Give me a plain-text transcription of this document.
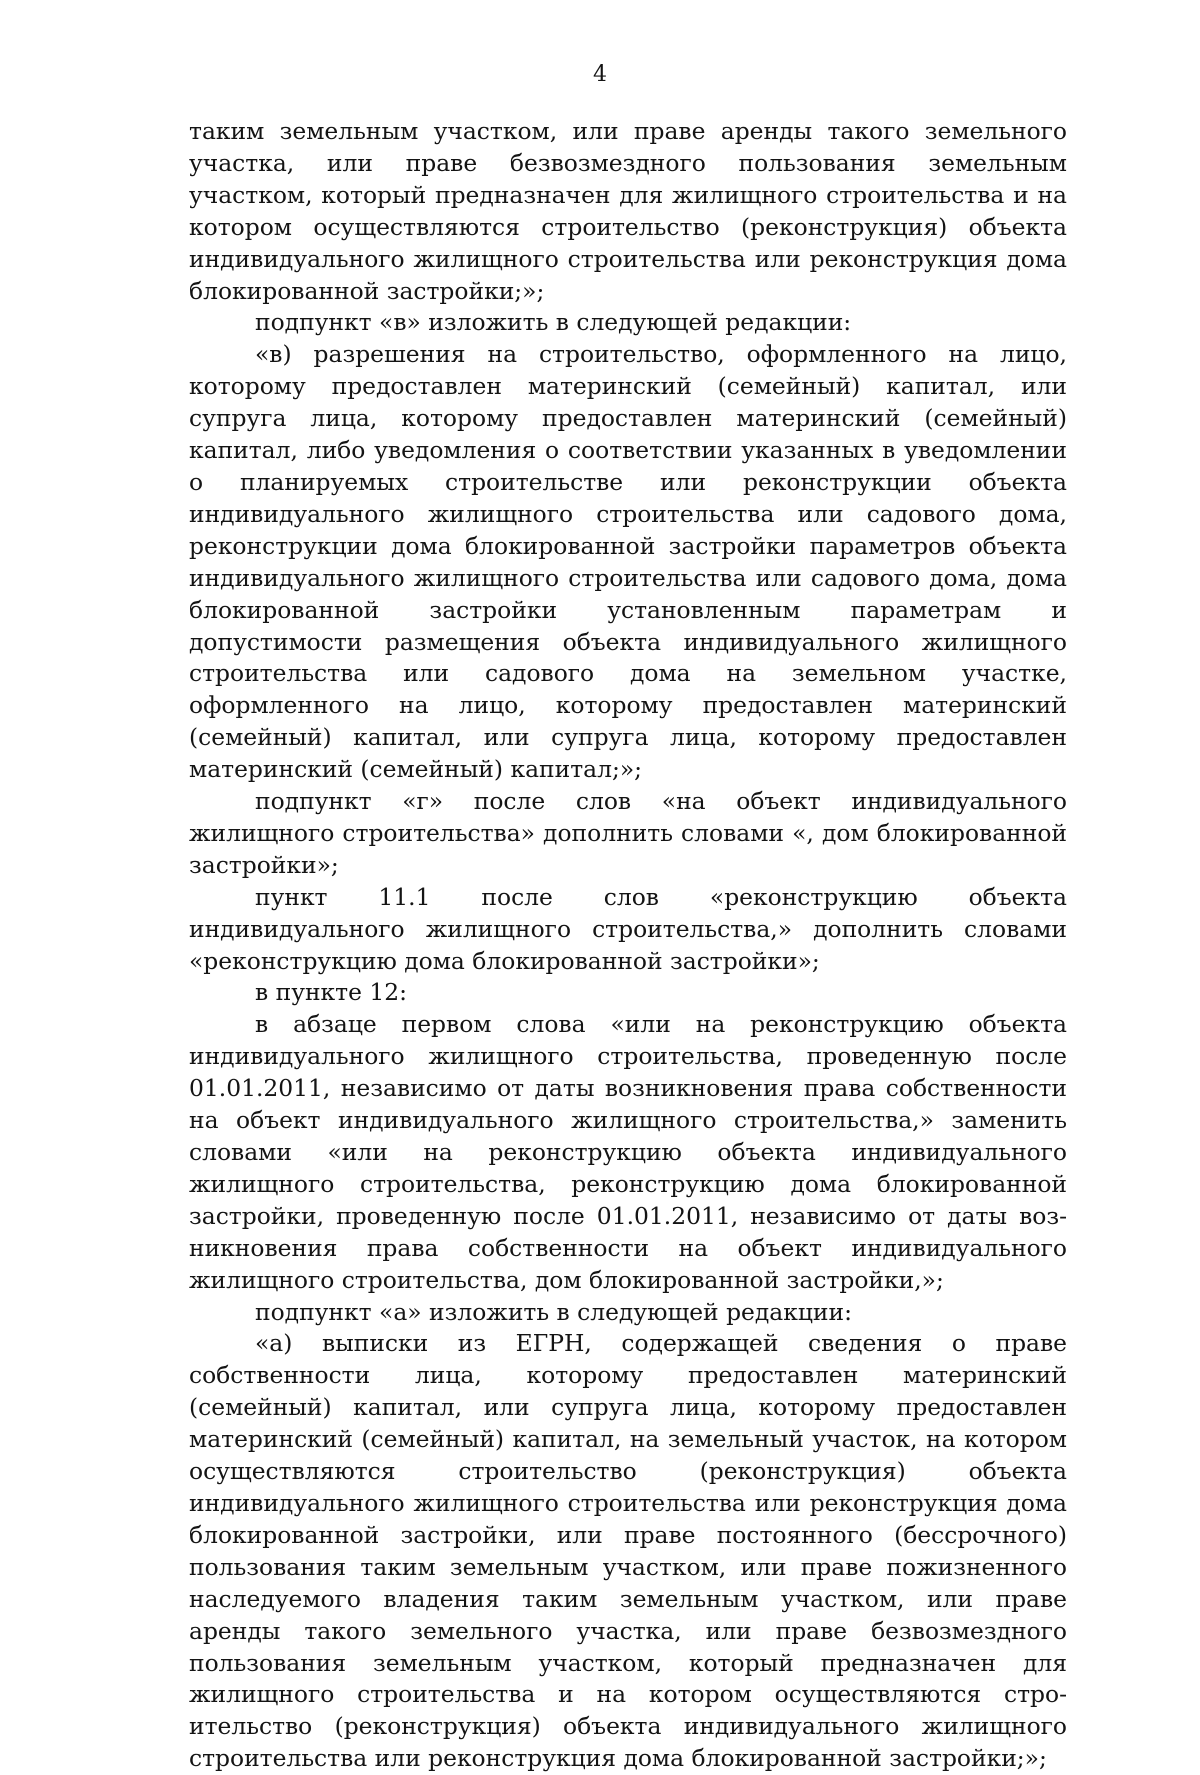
4

таким земельным участком, или праве аренды такого земельного участка, или праве безвозмездного пользования земельным участком, который предназначен для жилищного строительства и на котором осуществляются строительство (реконструкция) объекта индивидуального жилищного строительства или реконструкция дома блокированной застройки;»;

подпункт «в» изложить в следующей редакции:

«в) разрешения на строительство, оформленного на лицо, которому предоставлен материнский (семейный) капитал, или супруга лица, которому предоставлен материнский (семейный) капитал, либо уведомления о соответствии указанных в уведомлении о планируемых строительстве или реконструкции объекта индивидуального жилищного строительства или садового дома, реконструкции дома блокированной застройки параметров объекта индивидуального жилищного строительства или садового дома, дома блокированной застройки установленным параметрам и допустимости размещения объекта индивидуального жилищного строительства или садового дома на земельном участке, оформленного на лицо, которому предоставлен материнский (семейный) капитал, или супруга лица, которому предоставлен материнский (семейный) капитал;»;

подпункт «г» после слов «на объект индивидуального жилищного строительства» дополнить словами «, дом блокированной застройки»;

пункт 11.1 после слов «реконструкцию объекта индивидуального жилищного строительства,» дополнить словами «реконструкцию дома блокированной застройки»;

в пункте 12:

в абзаце первом слова «или на реконструкцию объекта индивидуального жилищного строительства, проведенную после 01.01.2011, независимо от даты возникновения права собственности на объект индивидуального жилищного строительства,» заменить словами «или на реконструкцию объекта индивидуального жилищного строительства, реконструкцию дома блокированной застройки, проведенную после 01.01.2011, независимо от даты возникновения права собственности на объект индивидуального жилищного строительства, дом блокированной застройки,»;

подпункт «а» изложить в следующей редакции:

«а) выписки из ЕГРН, содержащей сведения о праве собственности лица, которому предоставлен материнский (семейный) капитал, или супруга лица, которому предоставлен материнский (семейный) капитал, на земельный участок, на котором осуществляются строительство (реконструкция) объекта индивидуального жилищного строительства или реконструкция дома блокированной застройки, или праве постоянного (бессрочного) пользования таким земельным участком, или праве пожизненного наследуемого владения таким земельным участком, или праве аренды такого земельного участка, или праве безвозмездного пользования земельным участком, который предназначен для жилищного строительства и на котором осуществляются строительство (реконструкция) объекта индивидуального жилищного строительства или реконструкция дома блокированной застройки;»;
